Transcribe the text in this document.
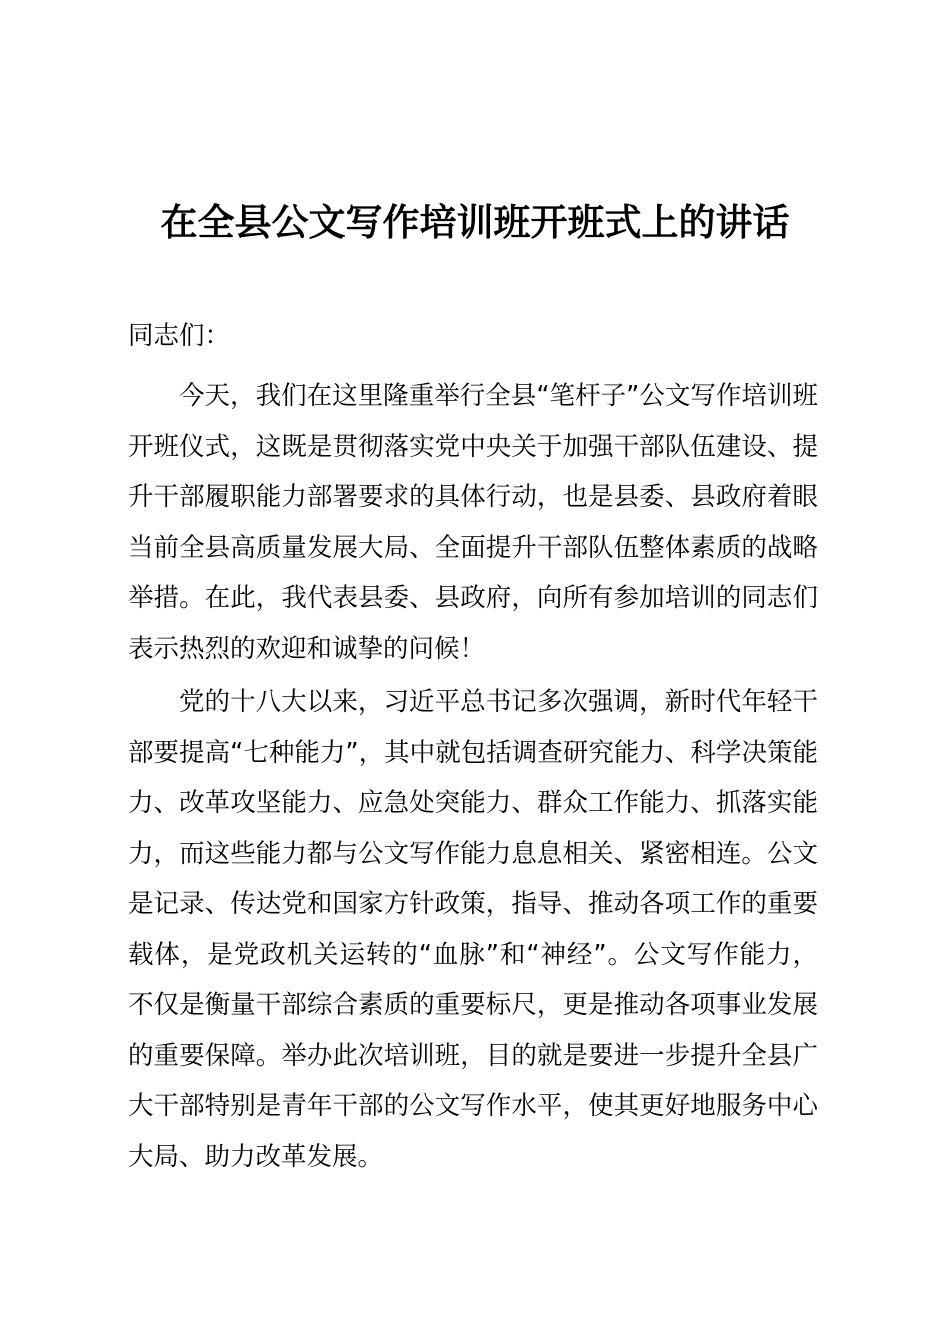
在全县公文写作培训班开班式上的讲话

同志们：

今天，我们在这里隆重举行全县“笔杆子”公文写作培训班开班仪式，这既是贯彻落实党中央关于加强干部队伍建设、提升干部履职能力部署要求的具体行动，也是县委、县政府着眼当前全县高质量发展大局、全面提升干部队伍整体素质的战略举措。在此，我代表县委、县政府，向所有参加培训的同志们表示热烈的欢迎和诚挚的问候！

党的十八大以来，习近平总书记多次强调，新时代年轻干部要提高“七种能力”，其中就包括调查研究能力、科学决策能力、改革攻坚能力、应急处突能力、群众工作能力、抓落实能力，而这些能力都与公文写作能力息息相关、紧密相连。公文是记录、传达党和国家方针政策，指导、推动各项工作的重要载体，是党政机关运转的“血脉”和“神经”。公文写作能力，不仅是衡量干部综合素质的重要标尺，更是推动各项事业发展的重要保障。举办此次培训班，目的就是要进一步提升全县广大干部特别是青年干部的公文写作水平，使其更好地服务中心大局、助力改革发展。
